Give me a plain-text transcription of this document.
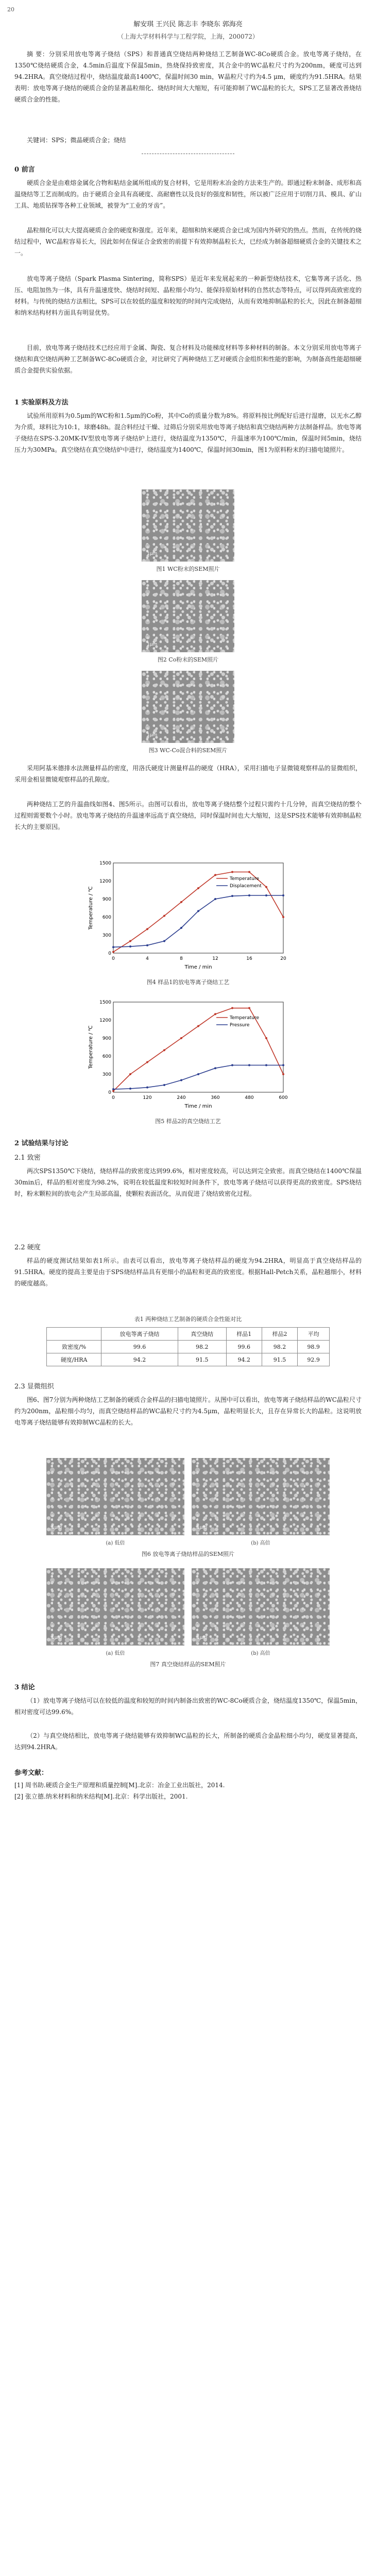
20
解安琪 王兴民 陈志丰 李晓东 郭海亮
（上海大学材料科学与工程学院，上海，200072）
摘 要：分别采用放电等离子烧结（SPS）和普通真空烧结两种烧结工艺制备WC-8Co硬质合金。放电等离子烧结，在1350℃烧结硬质合金，4.5min后温度下保温5min，热烧保持致密度，其合金中的WC晶粒尺寸约为200nm，硬度可达到94.2HRA。真空烧结过程中，烧结温度最高1400℃，保温时间30 min，W晶粒尺寸约为4.5 μm，硬度约为91.5HRA。结果表明：放电等离子烧结的硬质合金的显著晶粒细化、烧结时间大大缩短，有可能抑制了WC晶粒的长大，SPS工艺显著改善烧结硬质合金的性能。
关键词：SPS；微晶硬质合金；烧结
0 前言
硬质合金是由难熔金属化合物和粘结金属所组成的复合材料，它是用粉末冶金的方法来生产的。即通过粉末制备、成形和高温烧结等工艺而制成的。由于硬质合金具有高硬度、高耐磨性以及良好的强度和韧性，所以被广泛应用于切削刀具、模具、矿山工具、地质钻探等各种工业领域，被誉为“工业的牙齿”。
晶粒细化可以大大提高硬质合金的硬度和强度。近年来，超细和纳米硬质合金已成为国内外研究的热点。然而，在传统的烧结过程中，WC晶粒容易长大，因此如何在保证合金致密的前提下有效抑制晶粒长大，已经成为制备超细硬质合金的关键技术之一。
放电等离子烧结（Spark Plasma Sintering，简称SPS）是近年来发展起来的一种新型烧结技术，它集等离子活化、热压、电阻加热为一体，具有升温速度快、烧结时间短、晶粒细小均匀、能保持原始材料的自然状态等特点，可以得到高致密度的材料。与传统的烧结方法相比，SPS可以在较低的温度和较短的时间内完成烧结，从而有效地抑制晶粒的长大，因此在制备超细和纳米结构材料方面具有明显优势。
目前，放电等离子烧结技术已经应用于金属、陶瓷、复合材料及功能梯度材料等多种材料的制备。本文分别采用放电等离子烧结和真空烧结两种工艺制备WC-8Co硬质合金，对比研究了两种烧结工艺对硬质合金组织和性能的影响，为制备高性能超细硬质合金提供实验依据。
1 实验原料及方法
试验所用原料为0.5μm的WC粉和1.5μm的Co粉，其中Co的质量分数为8%。将原料按比例配好后进行湿磨，以无水乙醇为介质，球料比为10:1，球磨48h。混合料经过干燥、过筛后分别采用放电等离子烧结和真空烧结两种方法制备样品。放电等离子烧结在SPS-3.20MK-IV型放电等离子烧结炉上进行，烧结温度为1350℃，升温速率为100℃/min，保温时间5min，烧结压力为30MPa。真空烧结在真空烧结炉中进行，烧结温度为1400℃，保温时间30min，图1为原料粉末的扫描电镜照片。
1μm
图1 WC粉末的SEM照片
1μm
图2 Co粉末的SEM照片
1μm
图3 WC-Co混合料的SEM照片
采用阿基米德排水法测量样品的密度，用洛氏硬度计测量样品的硬度（HRA），采用扫描电子显微镜观察样品的显微组织，采用金相显微镜观察样品的孔隙度。
两种烧结工艺的升温曲线如图4、图5所示。由图可以看出，放电等离子烧结整个过程只需约十几分钟，而真空烧结的整个过程则需要数个小时。放电等离子烧结的升温速率远高于真空烧结，同时保温时间也大大缩短，这是SPS技术能够有效抑制晶粒长大的主要原因。
0
0
4
300
8
600
12
900
16
1200
20
1500
Time / min
Temperature / ℃
Temperature
Displacement
图4 样品1的放电等离子烧结工艺
0
0
120
300
240
600
360
900
480
1200
600
1500
Time / min
Temperature / ℃
Temperature
Pressure
图5 样品2的真空烧结工艺
2 试验结果与讨论
2.1 致密
两次SPS1350℃下烧结，烧结样品的致密度达到99.6%，相对密度较高，可以达到完全致密。而真空烧结在1400℃保温30min后，样品的相对密度为98.2%，说明在较低温度和较短时间条件下，放电等离子烧结可以获得更高的致密度。SPS烧结时，粉末颗粒间的放电会产生局部高温，使颗粒表面活化，从而促进了烧结致密化过程。
2.2 硬度
样品的硬度测试结果如表1所示。由表可以看出，放电等离子烧结样品的硬度为94.2HRA，明显高于真空烧结样品的91.5HRA。硬度的提高主要是由于SPS烧结样品具有更细小的晶粒和更高的致密度。根据Hall-Petch关系，晶粒越细小，材料的硬度越高。
表1 两种烧结工艺制备的硬质合金性能对比
	放电等离子烧结	真空烧结	样品1	样品2	平均
致密度/%	99.6	98.2	99.6	98.2	98.9
硬度/HRA	94.2	91.5	94.2	91.5	92.9
2.3 显微组织
图6、图7分别为两种烧结工艺制备的硬质合金样品的扫描电镜照片。从图中可以看出，放电等离子烧结样品的WC晶粒尺寸约为200nm，晶粒细小均匀，而真空烧结样品的WC晶粒尺寸约为4.5μm，晶粒明显长大，且存在异常长大的晶粒。这说明放电等离子烧结能够有效抑制WC晶粒的长大。
1μm	1μm
(a) 低倍	(b) 高倍
图6 放电等离子烧结样品的SEM照片
1μm	1μm
(a) 低倍	(b) 高倍
图7 真空烧结样品的SEM照片
3 结论
（1）放电等离子烧结可以在较低的温度和较短的时间内制备出致密的WC-8Co硬质合金，烧结温度1350℃，保温5min，相对密度可达99.6%。
（2）与真空烧结相比，放电等离子烧结能够有效抑制WC晶粒的长大，所制备的硬质合金晶粒细小均匀，硬度显著提高，达到94.2HRA。
参考文献：
[1] 周书助.硬质合金生产原理和质量控制[M].北京：冶金工业出版社，2014.
[2] 张立德.纳米材料和纳米结构[M].北京：科学出版社，2001.
